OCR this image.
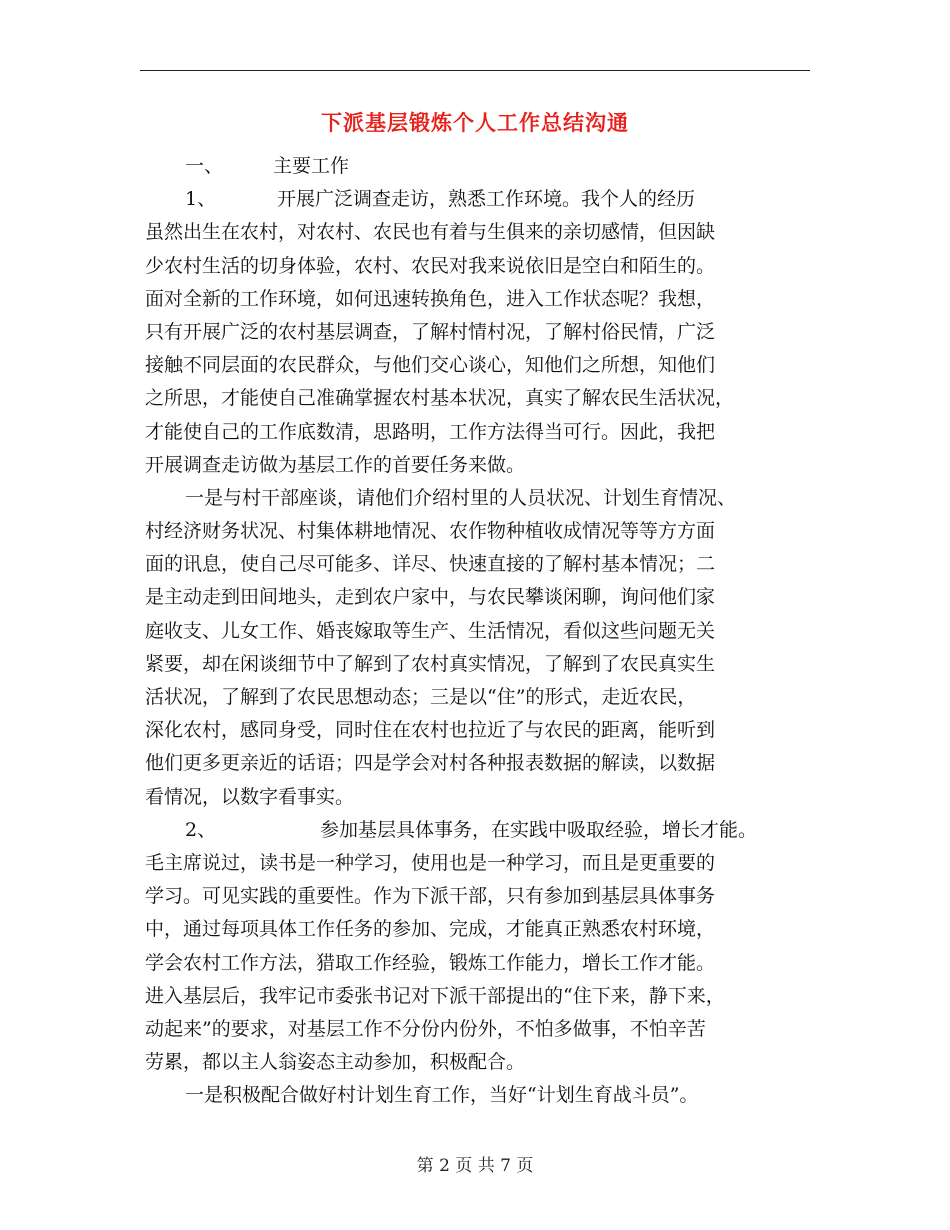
下派基层锻炼个人工作总结沟通
一、	主要工作
1、	开展广泛调查走访，熟悉工作环境。我个人的经历
虽然出生在农村，对农村、农民也有着与生俱来的亲切感情，但因缺
少农村生活的切身体验，农村、农民对我来说依旧是空白和陌生的。
面对全新的工作环境，如何迅速转换角色，进入工作状态呢？我想，
只有开展广泛的农村基层调查，了解村情村况，了解村俗民情，广泛
接触不同层面的农民群众，与他们交心谈心，知他们之所想，知他们
之所思，才能使自己准确掌握农村基本状况，真实了解农民生活状况，
才能使自己的工作底数清，思路明，工作方法得当可行。因此，我把
开展调查走访做为基层工作的首要任务来做。
一是与村干部座谈，请他们介绍村里的人员状况、计划生育情况、
村经济财务状况、村集体耕地情况、农作物种植收成情况等等方方面
面的讯息，使自己尽可能多、详尽、快速直接的了解村基本情况；二
是主动走到田间地头，走到农户家中，与农民攀谈闲聊，询问他们家
庭收支、儿女工作、婚丧嫁取等生产、生活情况，看似这些问题无关
紧要，却在闲谈细节中了解到了农村真实情况，了解到了农民真实生
活状况，了解到了农民思想动态；三是以“住”的形式，走近农民，
深化农村，感同身受，同时住在农村也拉近了与农民的距离，能听到
他们更多更亲近的话语；四是学会对村各种报表数据的解读，以数据
看情况，以数字看事实。
2、	参加基层具体事务，在实践中吸取经验，增长才能。
毛主席说过，读书是一种学习，使用也是一种学习，而且是更重要的
学习。可见实践的重要性。作为下派干部，只有参加到基层具体事务
中，通过每项具体工作任务的参加、完成，才能真正熟悉农村环境，
学会农村工作方法，猎取工作经验，锻炼工作能力，增长工作才能。
进入基层后，我牢记市委张书记对下派干部提出的“住下来，静下来，
动起来”的要求，对基层工作不分份内份外，不怕多做事，不怕辛苦
劳累，都以主人翁姿态主动参加，积极配合。
一是积极配合做好村计划生育工作，当好“计划生育战斗员”。
第 2 页 共 7 页
